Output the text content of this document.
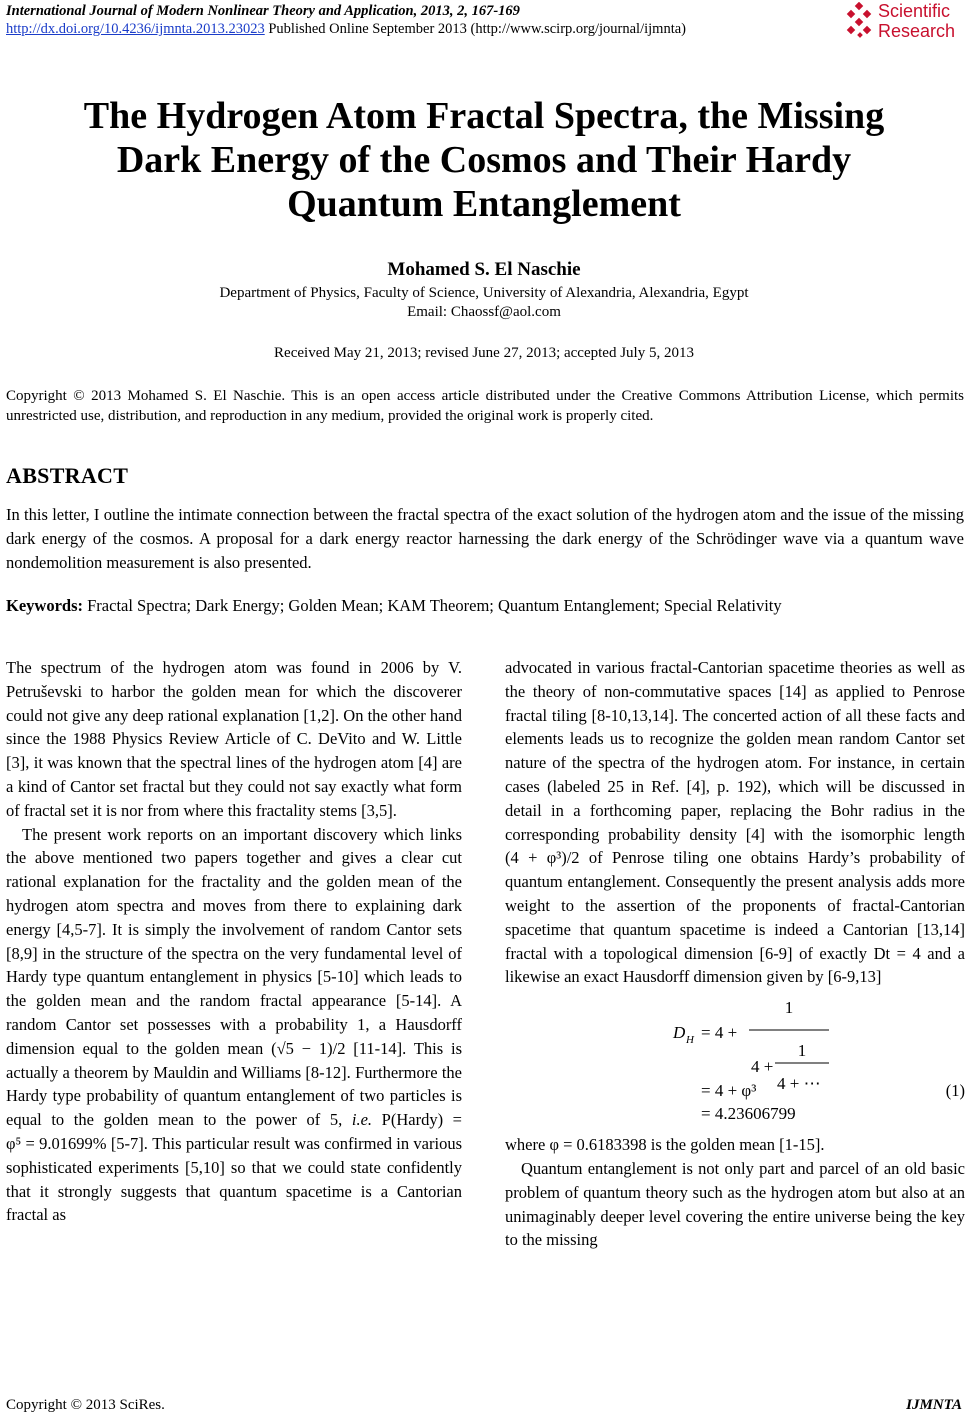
International Journal of Modern Nonlinear Theory and Application, 2013, 2, 167-169
http://dx.doi.org/10.4236/ijmnta.2013.23023 Published Online September 2013 (http://www.scirp.org/journal/ijmnta)
Scientific
Research
The Hydrogen Atom Fractal Spectra, the Missing
Dark Energy of the Cosmos and Their Hardy
Quantum Entanglement
Mohamed S. El Naschie
Department of Physics, Faculty of Science, University of Alexandria, Alexandria, Egypt
Email: Chaossf@aol.com
Received May 21, 2013; revised June 27, 2013; accepted July 5, 2013
Copyright © 2013 Mohamed S. El Naschie. This is an open access article distributed under the Creative Commons Attribution License, which permits unrestricted use, distribution, and reproduction in any medium, provided the original work is properly cited.
ABSTRACT
In this letter, I outline the intimate connection between the fractal spectra of the exact solution of the hydrogen atom and the issue of the missing dark energy of the cosmos. A proposal for a dark energy reactor harnessing the dark energy of the Schrödinger wave via a quantum wave nondemolition measurement is also presented.
Keywords: Fractal Spectra; Dark Energy; Golden Mean; KAM Theorem; Quantum Entanglement; Special Relativity

The spectrum of the hydrogen atom was found in 2006 by V. Petruševski to harbor the golden mean for which the discoverer could not give any deep rational explanation [1,2]. On the other hand since the 1988 Physics Review Article of C. DeVito and W. Little [3], it was known that the spectral lines of the hydrogen atom [4] are a kind of Cantor set fractal but they could not say exactly what form of fractal set it is nor from where this fractality stems [3,5].

The present work reports on an important discovery which links the above mentioned two papers together and gives a clear cut rational explanation for the fractality and the golden mean of the hydrogen atom spectra and moves from there to explaining dark energy [4,5-7]. It is simply the involvement of random Cantor sets [8,9] in the structure of the spectra on the very fundamental level of Hardy type quantum entanglement in physics [5-10] which leads to the golden mean and the random fractal appearance [5-14]. A random Cantor set possesses with a probability 1, a Hausdorff dimension equal to the golden mean (√5 − 1)/2 [11-14]. This is actually a theorem by Mauldin and Williams [8-12]. Furthermore the Hardy type probability of quantum entanglement of two particles is equal to the golden mean to the power of 5, i.e. P(Hardy) = φ⁵ = 9.01699% [5-7]. This particular result was confirmed in various sophisticated experiments [5,10] so that we could state confidently that it strongly suggests that quantum spacetime is a Cantorian fractal as

advocated in various fractal-Cantorian spacetime theories as well as the theory of non-commutative spaces [14] as applied to Penrose fractal tiling [8-10,13,14]. The concerted action of all these facts and elements leads us to recognize the golden mean random Cantor set nature of the spectra of the hydrogen atom. For instance, in certain cases (labeled 25 in Ref. [4], p. 192), which will be discussed in detail in a forthcoming paper, replacing the Bohr radius in the corresponding probability density [4] with the isomorphic length (4 + φ³)/2 of Penrose tiling one obtains Hardy’s probability of quantum entanglement. Consequently the present analysis adds more weight to the assertion of the proponents of fractal-Cantorian spacetime that quantum spacetime is indeed a Cantorian [13,14] fractal with a topological dimension [6-9] of exactly Dt = 4 and a likewise an exact Hausdorff dimension given by [6-9,13]

1
D H = 4 +
1
4 +
4 + ⋯
= 4 + φ³
= 4.23606799
(1)

where φ = 0.6183398 is the golden mean [1-15].

Quantum entanglement is not only part and parcel of an old basic problem of quantum theory such as the hydrogen atom but also at an unimaginably deeper level covering the entire universe being the key to the missing

Copyright © 2013 SciRes.	IJMNTA
